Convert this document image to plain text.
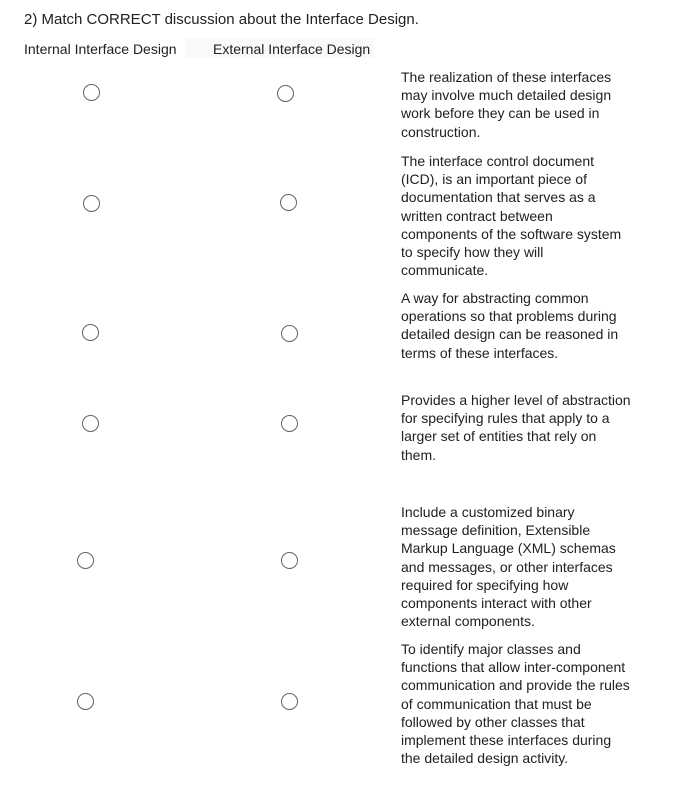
2) Match CORRECT discussion about the Interface Design.
Internal Interface Design	External Interface Design
The realization of these interfaces may involve much detailed design work before they can be used in construction.
The interface control document (ICD), is an important piece of documentation that serves as a written contract between components of the software system to specify how they will communicate.
A way for abstracting common operations so that problems during detailed design can be reasoned in terms of these interfaces.
Provides a higher level of abstraction for specifying rules that apply to a larger set of entities that rely on them.
Include a customized binary message definition, Extensible Markup Language (XML) schemas and messages, or other interfaces required for specifying how components interact with other external components.
To identify major classes and functions that allow inter-component communication and provide the rules of communication that must be followed by other classes that implement these interfaces during the detailed design activity.
